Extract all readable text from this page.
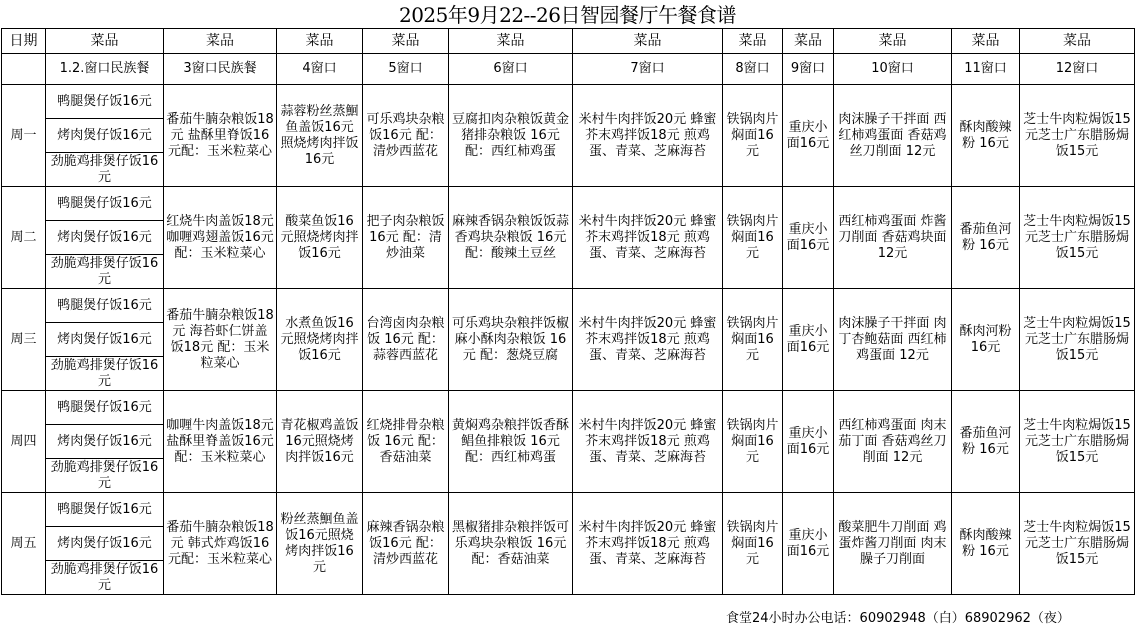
2025年9月22--26日智园餐厅午餐食谱
日期	菜品	菜品	菜品	菜品	菜品	菜品	菜品	菜品	菜品	菜品	菜品
	1.2.窗口民族餐	3窗口民族餐	4窗口	5窗口	6窗口	7窗口	8窗口	9窗口	10窗口	11窗口	12窗口
周一	鸭腿煲仔饭16元	番茄牛腩杂粮饭18元 盐酥里脊饭16元配：玉米粒菜心	蒜蓉粉丝蒸鮰鱼盖饭16元照烧烤肉拌饭16元	可乐鸡块杂粮饭16元 配：清炒西蓝花	豆腐扣肉杂粮饭黄金猪排杂粮饭 16元 配：西红柿鸡蛋	米村牛肉拌饭20元 蜂蜜芥末鸡拌饭18元 煎鸡蛋、青菜、芝麻海苔	铁锅肉片焖面16元	重庆小面16元	肉沫臊子干拌面 西红柿鸡蛋面 香菇鸡丝刀削面 12元	酥肉酸辣粉 16元	芝士牛肉粒焗饭15元芝士广东腊肠焗饭15元
	烤肉煲仔饭16元										
	劲脆鸡排煲仔饭16元										
周二	鸭腿煲仔饭16元	红烧牛肉盖饭18元咖喱鸡翅盖饭16元配：玉米粒菜心	酸菜鱼饭16元照烧烤肉拌饭16元	把子肉杂粮饭 16元 配：清炒油菜	麻辣香锅杂粮饭饭蒜香鸡块杂粮饭 16元 配：酸辣土豆丝	米村牛肉拌饭20元 蜂蜜芥末鸡拌饭18元 煎鸡蛋、青菜、芝麻海苔	铁锅肉片焖面16元	重庆小面16元	西红柿鸡蛋面 炸酱刀削面 香菇鸡块面 12元	番茄鱼河粉 16元	芝士牛肉粒焗饭15元芝士广东腊肠焗饭15元
	烤肉煲仔饭16元										
	劲脆鸡排煲仔饭16元										
周三	鸭腿煲仔饭16元	番茄牛腩杂粮饭18元 海苔虾仁饼盖饭18元 配：玉米粒菜心	水煮鱼饭16元照烧烤肉拌饭16元	台湾卤肉杂粮饭 16元 配：蒜蓉西蓝花	可乐鸡块杂粮拌饭椒麻小酥肉杂粮饭 16元 配：葱烧豆腐	米村牛肉拌饭20元 蜂蜜芥末鸡拌饭18元 煎鸡蛋、青菜、芝麻海苔	铁锅肉片焖面16元	重庆小面16元	肉沫臊子干拌面 肉丁杏鲍菇面 西红柿鸡蛋面 12元	酥肉河粉 16元	芝士牛肉粒焗饭15元芝士广东腊肠焗饭15元
	烤肉煲仔饭16元										
	劲脆鸡排煲仔饭16元										
周四	鸭腿煲仔饭16元	咖喱牛肉盖饭18元盐酥里脊盖饭16元配：玉米粒菜心	青花椒鸡盖饭16元照烧烤肉拌饭16元	红烧排骨杂粮饭 16元 配：香菇油菜	黄焖鸡杂粮拌饭香酥鲳鱼排粮饭 16元 配：西红柿鸡蛋	米村牛肉拌饭20元 蜂蜜芥末鸡拌饭18元 煎鸡蛋、青菜、芝麻海苔	铁锅肉片焖面16元	重庆小面16元	西红柿鸡蛋面 肉末茄丁面 香菇鸡丝刀削面 12元	番茄鱼河粉 16元	芝士牛肉粒焗饭15元芝士广东腊肠焗饭15元
	烤肉煲仔饭16元										
	劲脆鸡排煲仔饭16元										
周五	鸭腿煲仔饭16元	番茄牛腩杂粮饭18元 韩式炸鸡饭16元配：玉米粒菜心	粉丝蒸鮰鱼盖饭16元照烧烤肉拌饭16元	麻辣香锅杂粮饭16元 配：清炒西蓝花	黑椒猪排杂粮拌饭可乐鸡块杂粮饭 16元 配：香菇油菜	米村牛肉拌饭20元 蜂蜜芥末鸡拌饭18元 煎鸡蛋、青菜、芝麻海苔	铁锅肉片焖面16元	重庆小面16元	酸菜肥牛刀削面 鸡蛋炸酱刀削面 肉末臊子刀削面	酥肉酸辣粉 16元	芝士牛肉粒焗饭15元芝士广东腊肠焗饭15元
	烤肉煲仔饭16元										
	劲脆鸡排煲仔饭16元										
食堂24小时办公电话：60902948（白）68902962（夜）
